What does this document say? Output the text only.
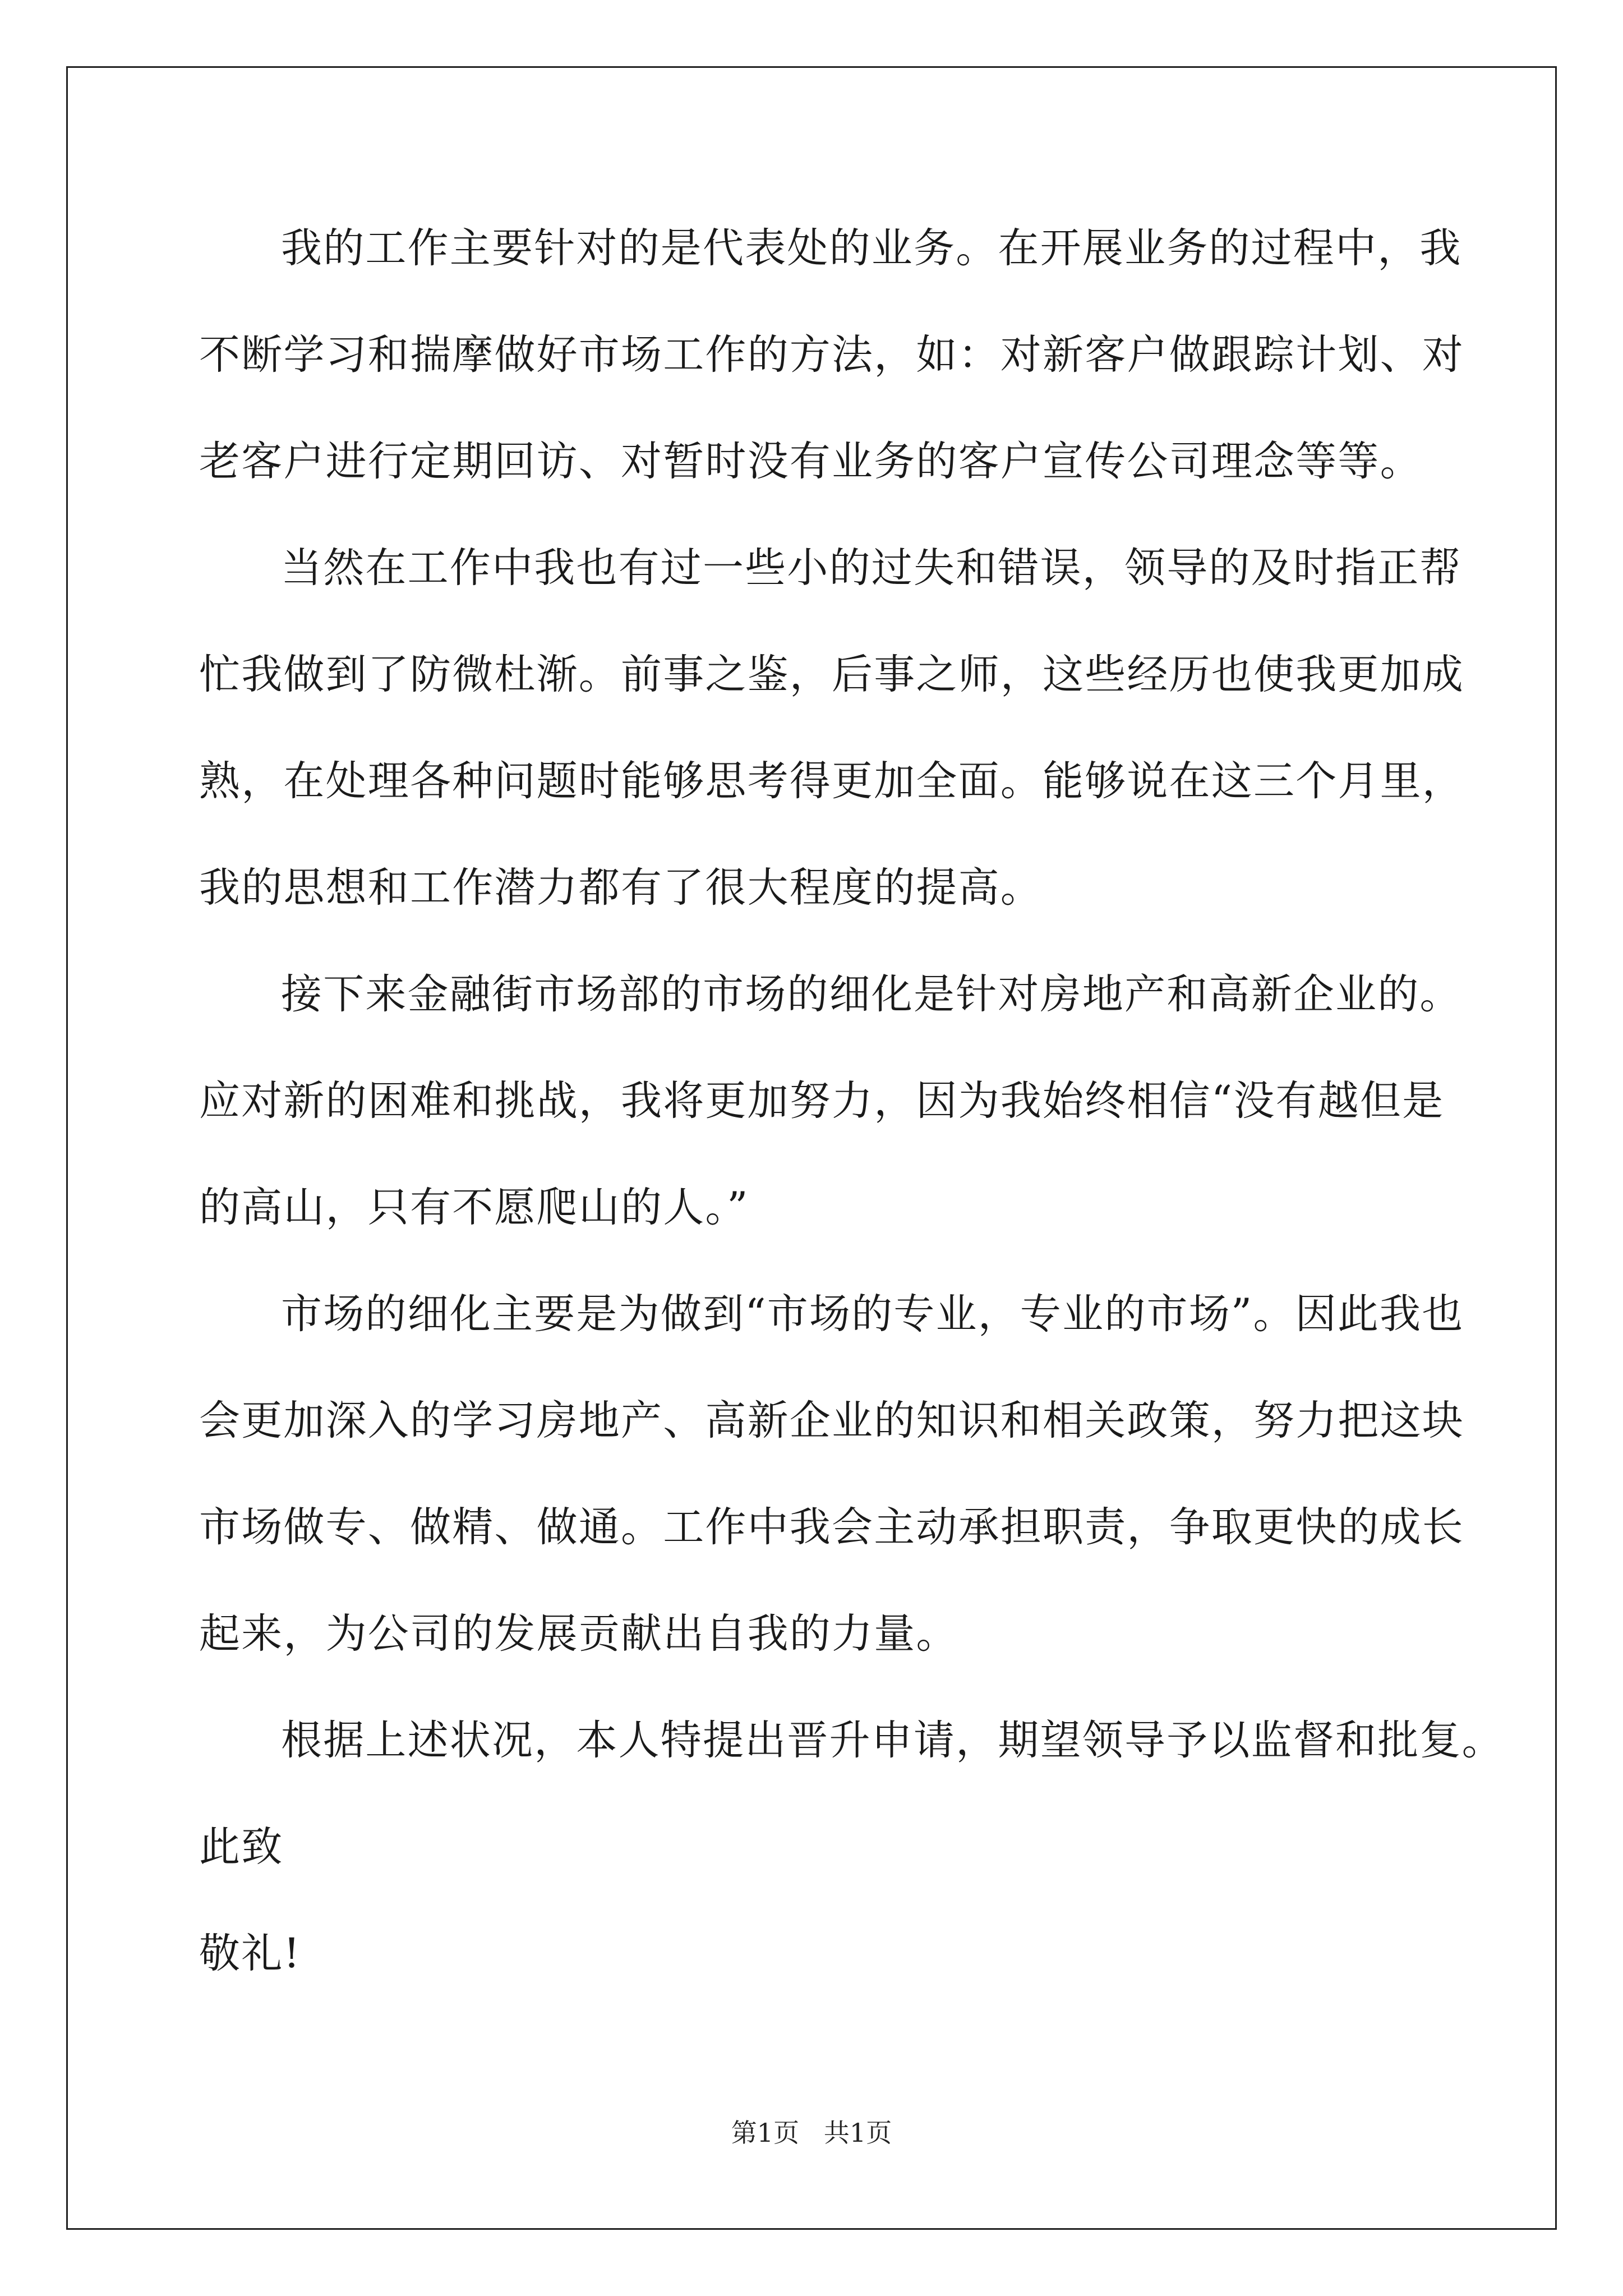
我的工作主要针对的是代表处的业务。在开展业务的过程中，我
不断学习和揣摩做好市场工作的方法，如：对新客户做跟踪计划、对
老客户进行定期回访、对暂时没有业务的客户宣传公司理念等等。
当然在工作中我也有过一些小的过失和错误，领导的及时指正帮
忙我做到了防微杜渐。前事之鉴，后事之师，这些经历也使我更加成
熟，在处理各种问题时能够思考得更加全面。能够说在这三个月里，
我的思想和工作潜力都有了很大程度的提高。
接下来金融街市场部的市场的细化是针对房地产和高新企业的。
应对新的困难和挑战，我将更加努力，因为我始终相信“没有越但是
的高山，只有不愿爬山的人。”
市场的细化主要是为做到“市场的专业，专业的市场”。因此我也
会更加深入的学习房地产、高新企业的知识和相关政策，努力把这块
市场做专、做精、做通。工作中我会主动承担职责，争取更快的成长
起来，为公司的发展贡献出自我的力量。
根据上述状况，本人特提出晋升申请，期望领导予以监督和批复。
此致
敬礼!
第1页   共1页
